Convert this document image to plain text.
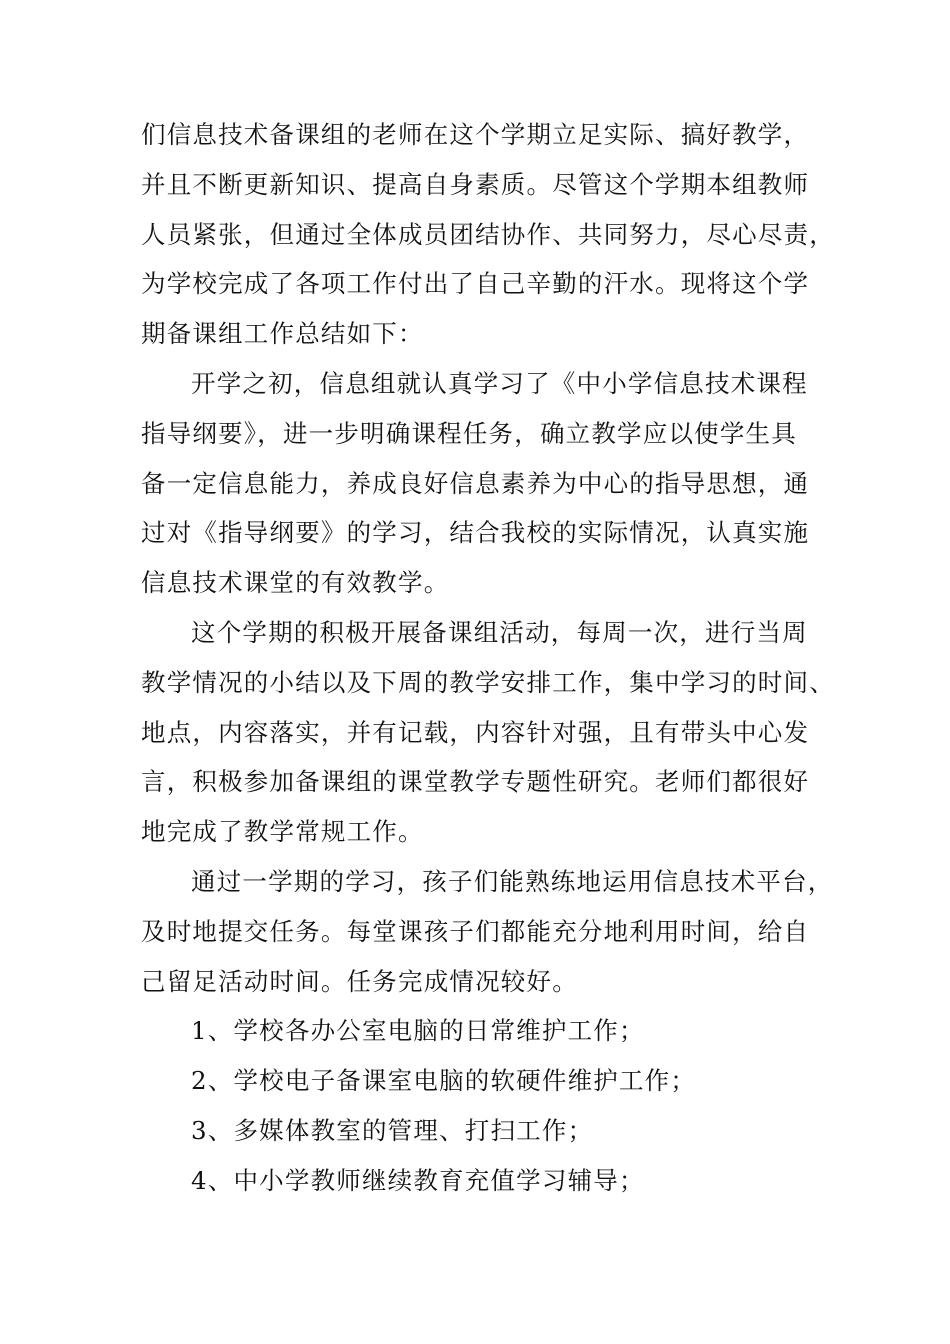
们信息技术备课组的老师在这个学期立足实际、搞好教学，
并且不断更新知识、提高自身素质。尽管这个学期本组教师
人员紧张，但通过全体成员团结协作、共同努力，尽心尽责，
为学校完成了各项工作付出了自己辛勤的汗水。现将这个学
期备课组工作总结如下：
开学之初，信息组就认真学习了《中小学信息技术课程
指导纲要》，进一步明确课程任务，确立教学应以使学生具
备一定信息能力，养成良好信息素养为中心的指导思想，通
过对《指导纲要》的学习，结合我校的实际情况，认真实施
信息技术课堂的有效教学。
这个学期的积极开展备课组活动，每周一次，进行当周
教学情况的小结以及下周的教学安排工作，集中学习的时间、
地点，内容落实，并有记载，内容针对强，且有带头中心发
言，积极参加备课组的课堂教学专题性研究。老师们都很好
地完成了教学常规工作。
通过一学期的学习，孩子们能熟练地运用信息技术平台，
及时地提交任务。每堂课孩子们都能充分地利用时间，给自
己留足活动时间。任务完成情况较好。
1、学校各办公室电脑的日常维护工作；
2、学校电子备课室电脑的软硬件维护工作；
3、多媒体教室的管理、打扫工作；
4、中小学教师继续教育充值学习辅导；
